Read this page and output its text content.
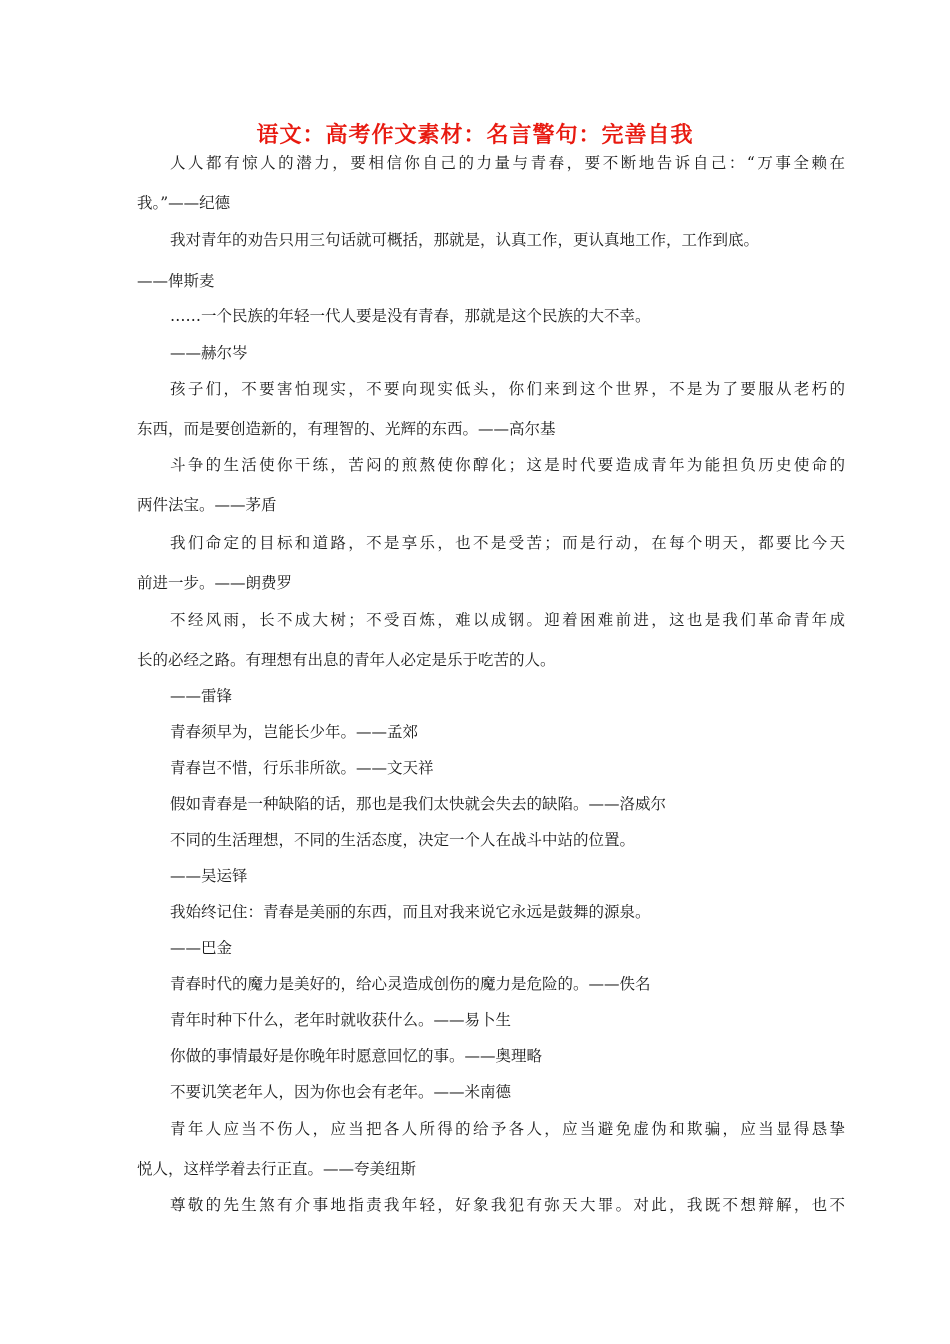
语文：高考作文素材：名言警句：完善自我
人人都有惊人的潜力，要相信你自己的力量与青春，要不断地告诉自己：“万事全赖在
我。”——纪德
我对青年的劝告只用三句话就可概括，那就是，认真工作，更认真地工作，工作到底。
——俾斯麦
……一个民族的年轻一代人要是没有青春，那就是这个民族的大不幸。
——赫尔岑
孩子们，不要害怕现实，不要向现实低头，你们来到这个世界，不是为了要服从老朽的
东西，而是要创造新的，有理智的、光辉的东西。——高尔基
斗争的生活使你干练，苦闷的煎熬使你醇化；这是时代要造成青年为能担负历史使命的
两件法宝。——茅盾
我们命定的目标和道路，不是享乐，也不是受苦；而是行动，在每个明天，都要比今天
前进一步。——朗费罗
不经风雨，长不成大树；不受百炼，难以成钢。迎着困难前进，这也是我们革命青年成
长的必经之路。有理想有出息的青年人必定是乐于吃苦的人。
——雷锋
青春须早为，岂能长少年。——孟郊
青春岂不惜，行乐非所欲。——文天祥
假如青春是一种缺陷的话，那也是我们太快就会失去的缺陷。——洛威尔
不同的生活理想，不同的生活态度，决定一个人在战斗中站的位置。
——吴运铎
我始终记住：青春是美丽的东西，而且对我来说它永远是鼓舞的源泉。
——巴金
青春时代的魔力是美好的，给心灵造成创伤的魔力是危险的。——佚名
青年时种下什么，老年时就收获什么。——易卜生
你做的事情最好是你晚年时愿意回忆的事。——奥理略
不要讥笑老年人，因为你也会有老年。——米南德
青年人应当不伤人，应当把各人所得的给予各人，应当避免虚伪和欺骗，应当显得恳挚
悦人，这样学着去行正直。——夸美纽斯
尊敬的先生煞有介事地指责我年轻，好象我犯有弥天大罪。对此，我既不想辩解，也不
